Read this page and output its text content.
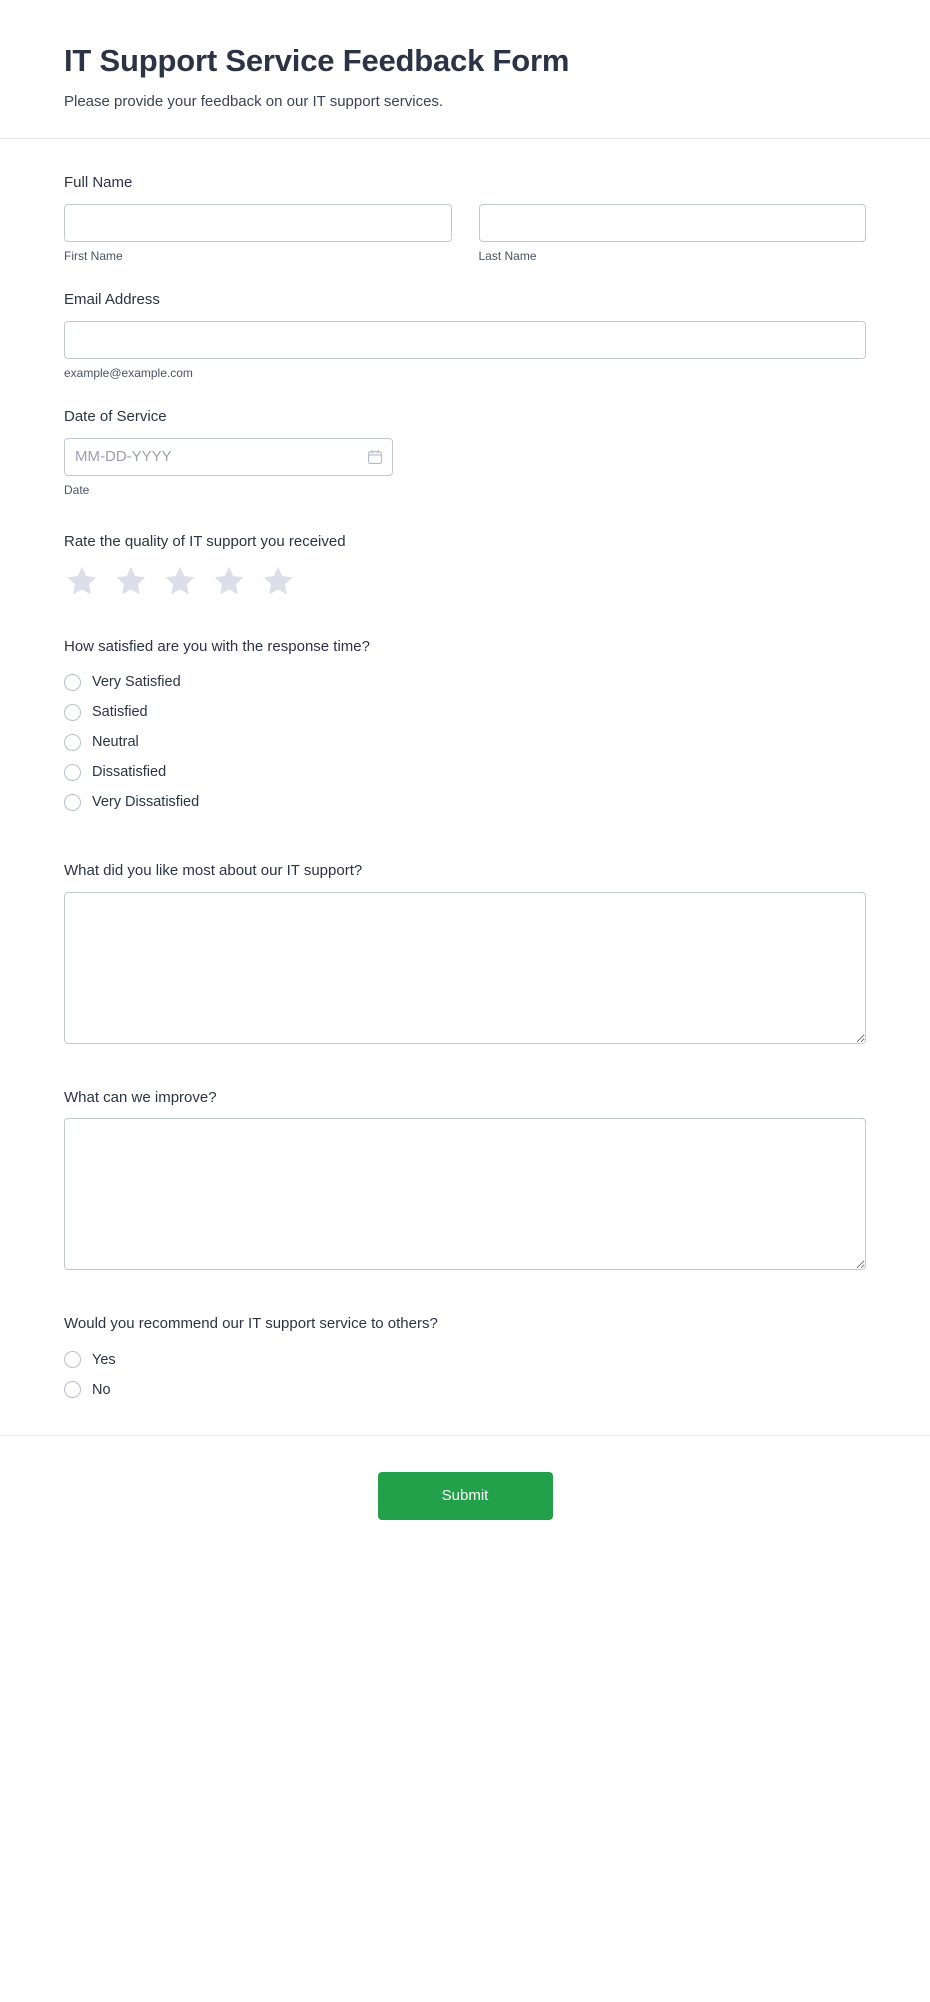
IT Support Service Feedback Form

Please provide your feedback on our IT support services.

Full Name
First Name	Last Name
Email Address
example@example.com
Date of Service
MM-DD-YYYY
Date
Rate the quality of IT support you received
How satisfied are you with the response time?
Very Satisfied
Satisfied
Neutral
Dissatisfied
Very Dissatisfied
What did you like most about our IT support?
What can we improve?
Would you recommend our IT support service to others?
Yes
No
Submit
